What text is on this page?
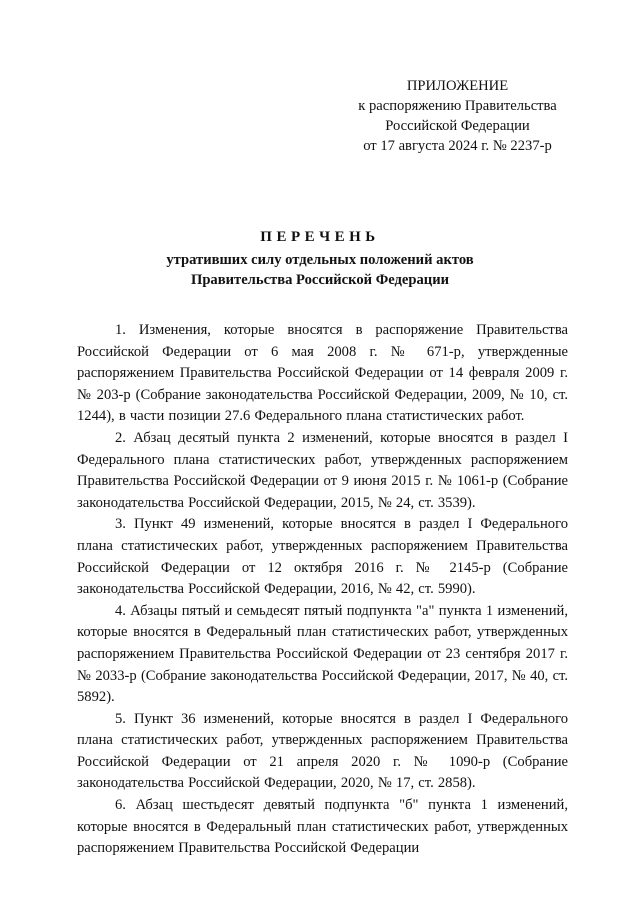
ПРИЛОЖЕНИЕ
к распоряжению Правительства
Российской Федерации
от 17 августа 2024 г. № 2237-р
ПЕРЕЧЕНЬ
утративших силу отдельных положений актов
Правительства Российской Федерации

1. Изменения, которые вносятся в распоряжение Правительства Российской Федерации от 6 мая 2008 г. № 671-р, утвержденные распоряжением Правительства Российской Федерации от 14 февраля 2009 г. № 203-р (Собрание законодательства Российской Федерации, 2009, № 10, ст. 1244), в части позиции 27.6 Федерального плана статистических работ.

2. Абзац десятый пункта 2 изменений, которые вносятся в раздел I Федерального плана статистических работ, утвержденных распоряжением Правительства Российской Федерации от 9 июня 2015 г. № 1061-р (Собрание законодательства Российской Федерации, 2015, № 24, ст. 3539).

3. Пункт 49 изменений, которые вносятся в раздел I Федерального плана статистических работ, утвержденных распоряжением Правительства Российской Федерации от 12 октября 2016 г. № 2145-р (Собрание законодательства Российской Федерации, 2016, № 42, ст. 5990).

4. Абзацы пятый и семьдесят пятый подпункта "а" пункта 1 изменений, которые вносятся в Федеральный план статистических работ, утвержденных распоряжением Правительства Российской Федерации от 23 сентября 2017 г. № 2033-р (Собрание законодательства Российской Федерации, 2017, № 40, ст. 5892).

5. Пункт 36 изменений, которые вносятся в раздел I Федерального плана статистических работ, утвержденных распоряжением Правительства Российской Федерации от 21 апреля 2020 г. № 1090-р (Собрание законодательства Российской Федерации, 2020, № 17, ст. 2858).

6. Абзац шестьдесят девятый подпункта "б" пункта 1 изменений, которые вносятся в Федеральный план статистических работ, утвержденных распоряжением Правительства Российской Федерации
